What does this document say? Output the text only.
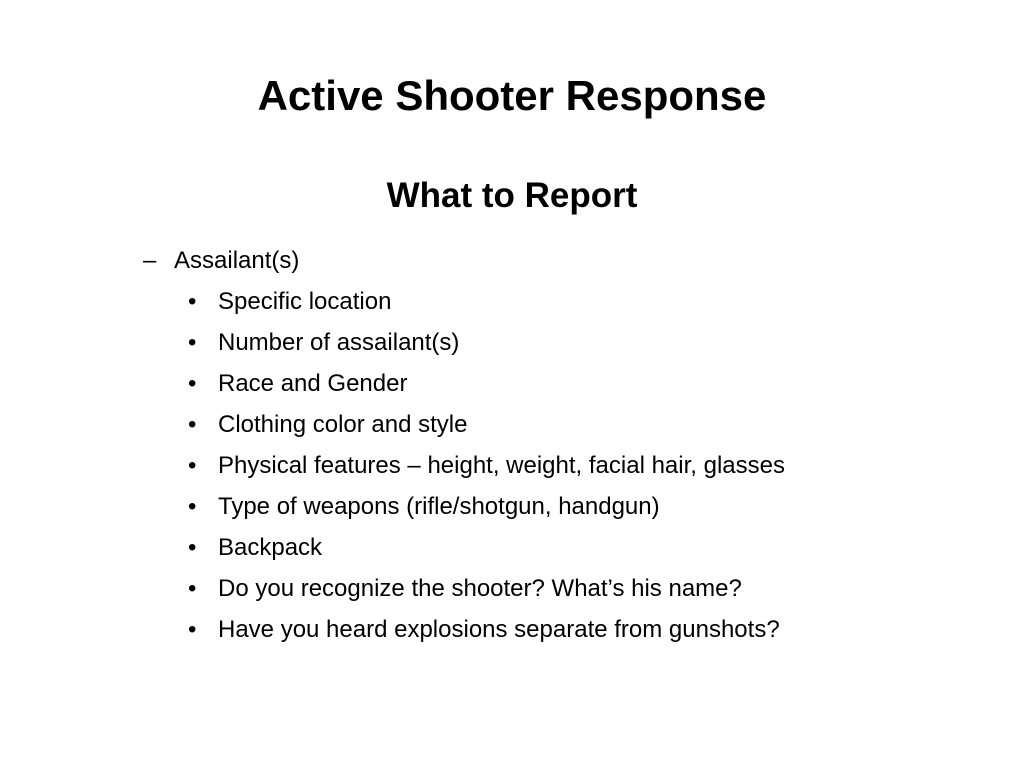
Active Shooter Response
What to Report
– Assailant(s)
• Specific location
• Number of assailant(s)
• Race and Gender
• Clothing color and style
• Physical features – height, weight, facial hair, glasses
• Type of weapons (rifle/shotgun, handgun)
• Backpack
• Do you recognize the shooter? What’s his name?
• Have you heard explosions separate from gunshots?
